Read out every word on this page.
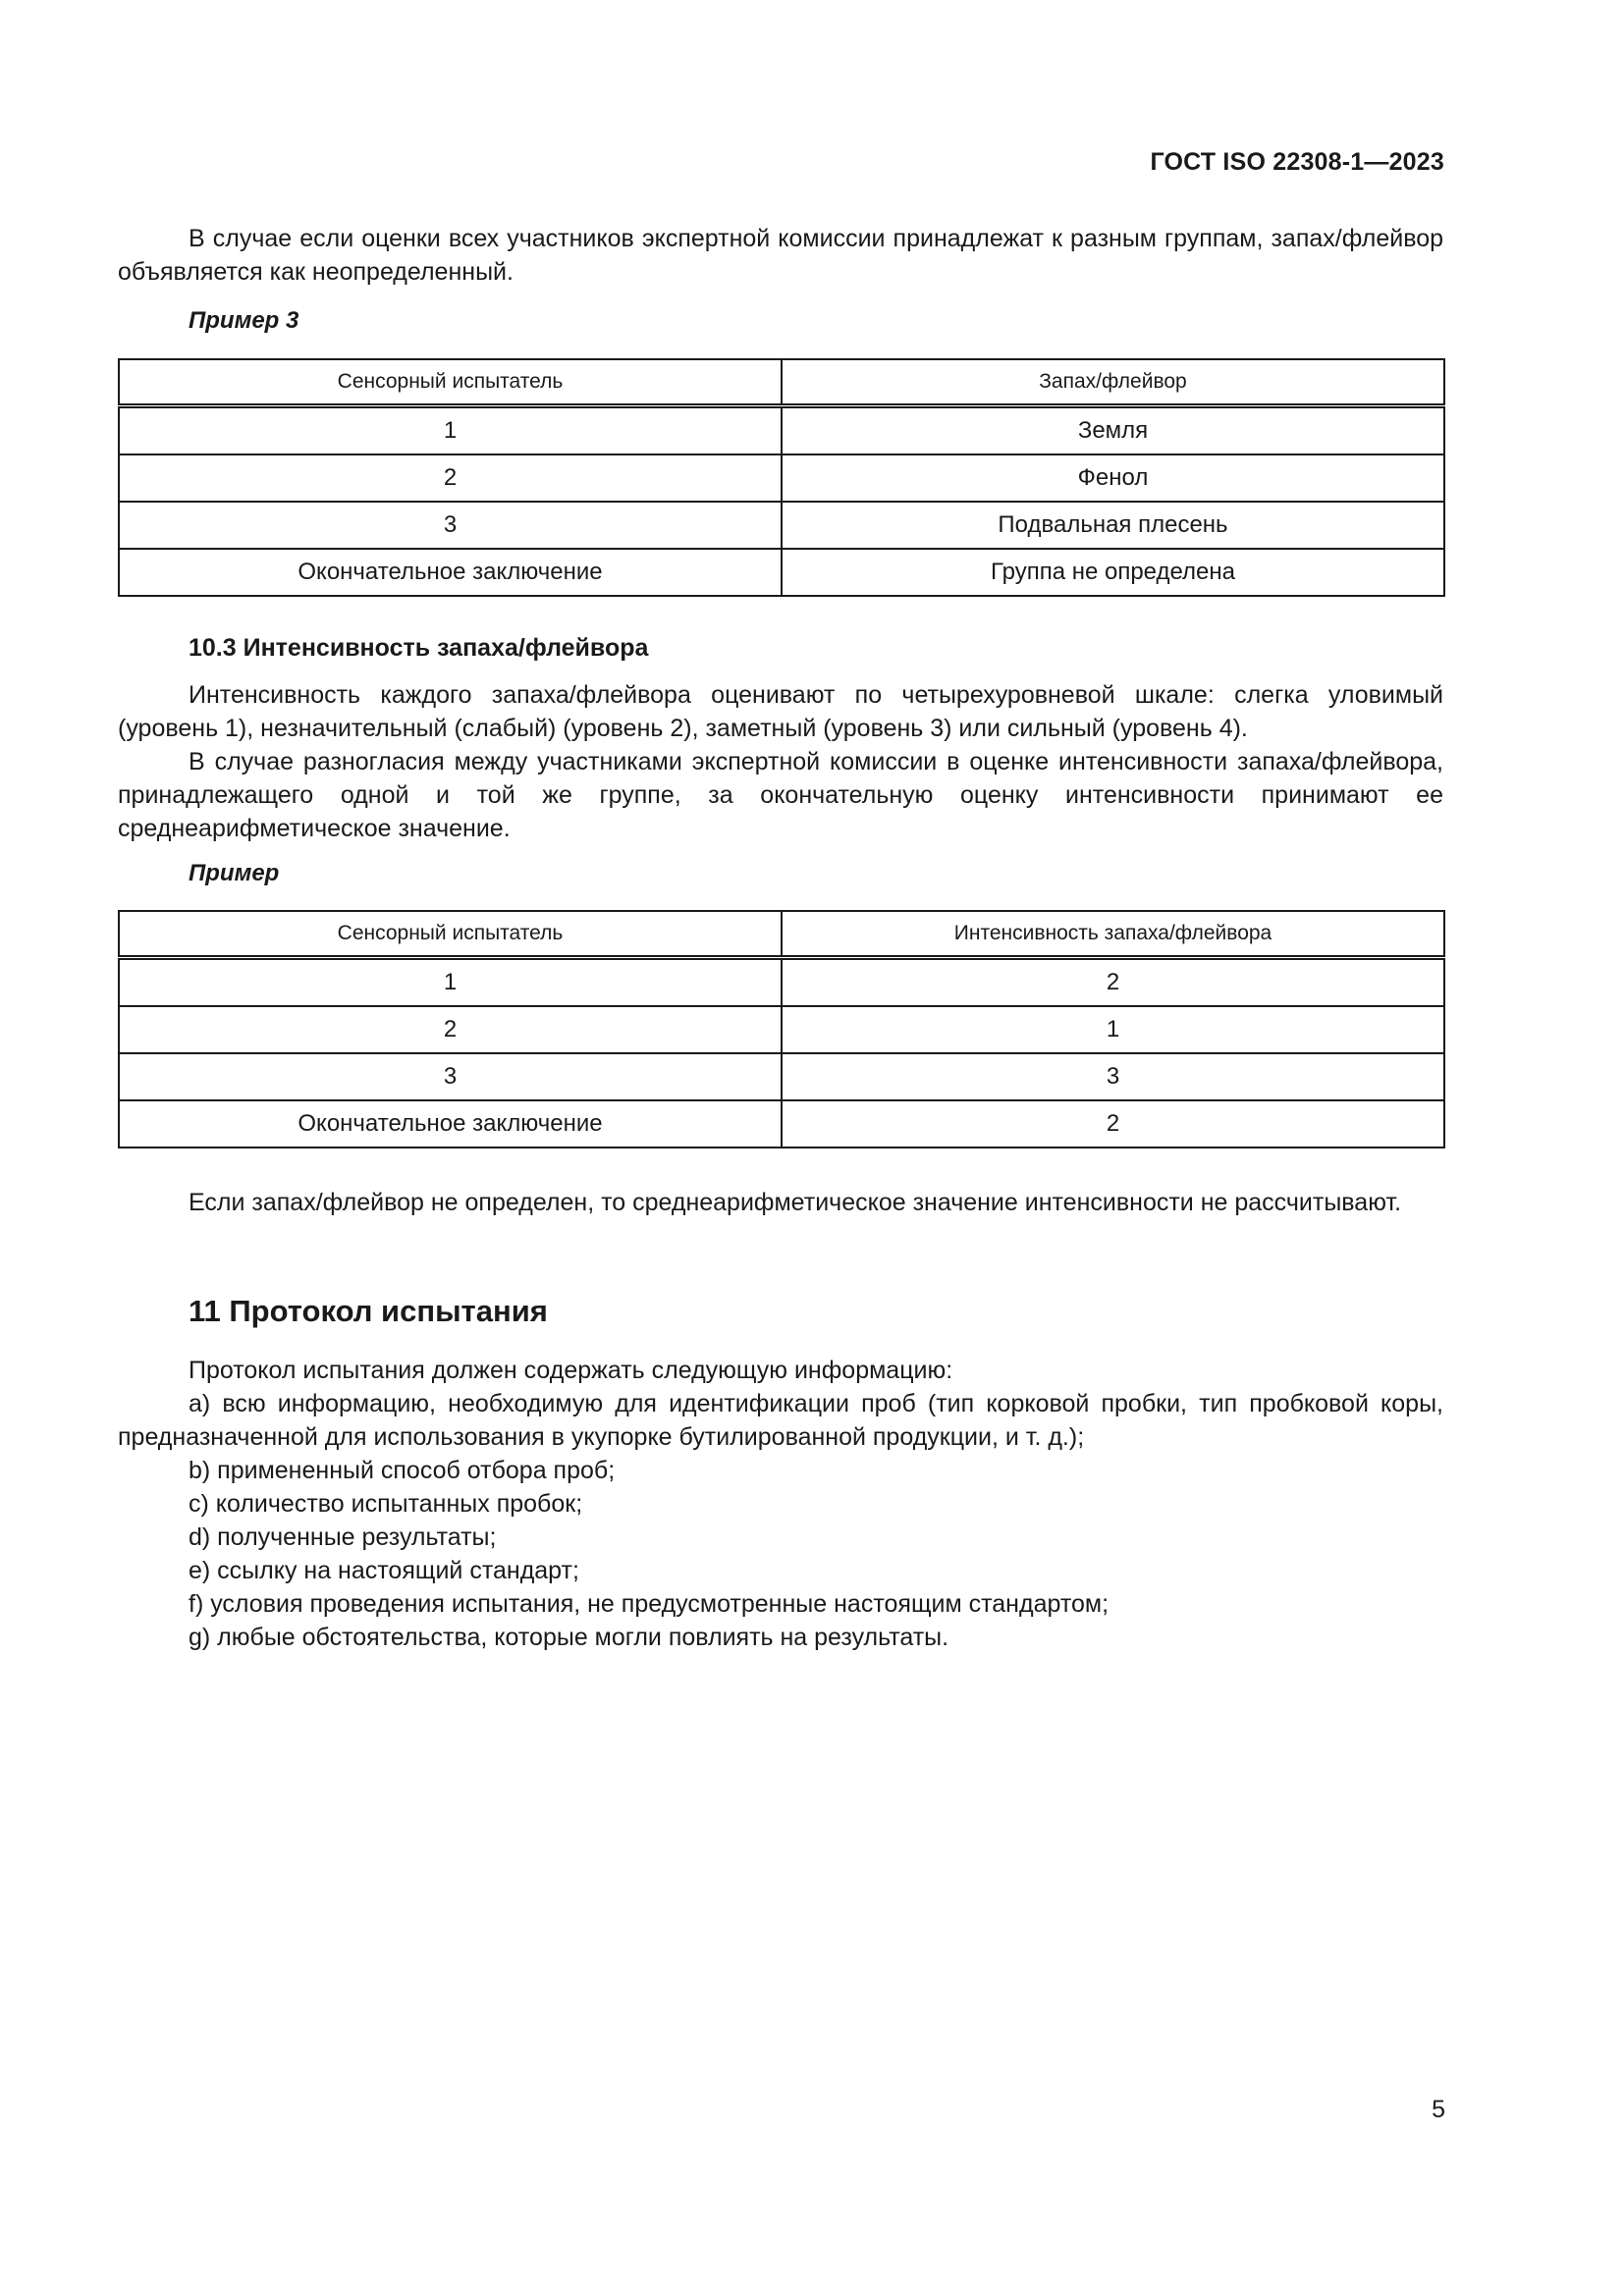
ГОСТ ISO 22308-1—2023

В случае если оценки всех участников экспертной комиссии принадлежат к разным группам, запах/флейвор объявляется как неопределенный.

Пример 3
Сенсорный испытатель	Запах/флейвор
1	Земля
2	Фенол
3	Подвальная плесень
Окончательное заключение	Группа не определена
10.3 Интенсивность запаха/флейвора

Интенсивность каждого запаха/флейвора оценивают по четырехуровневой шкале: слегка уловимый (уровень 1), незначительный (слабый) (уровень 2), заметный (уровень 3) или сильный (уровень 4).

В случае разногласия между участниками экспертной комиссии в оценке интенсивности запаха/флейвора, принадлежащего одной и той же группе, за окончательную оценку интенсивности принимают ее среднеарифметическое значение.

Пример
Сенсорный испытатель	Интенсивность запаха/флейвора
1	2
2	1
3	3
Окончательное заключение	2

Если запах/флейвор не определен, то среднеарифметическое значение интенсивности не рассчитывают.

11 Протокол испытания

Протокол испытания должен содержать следующую информацию:

a) всю информацию, необходимую для идентификации проб (тип корковой пробки, тип пробковой коры, предназначенной для использования в укупорке бутилированной продукции, и т. д.);

b) примененный способ отбора проб;

c) количество испытанных пробок;

d) полученные результаты;

e) ссылку на настоящий стандарт;

f) условия проведения испытания, не предусмотренные настоящим стандартом;

g) любые обстоятельства, которые могли повлиять на результаты.

5
